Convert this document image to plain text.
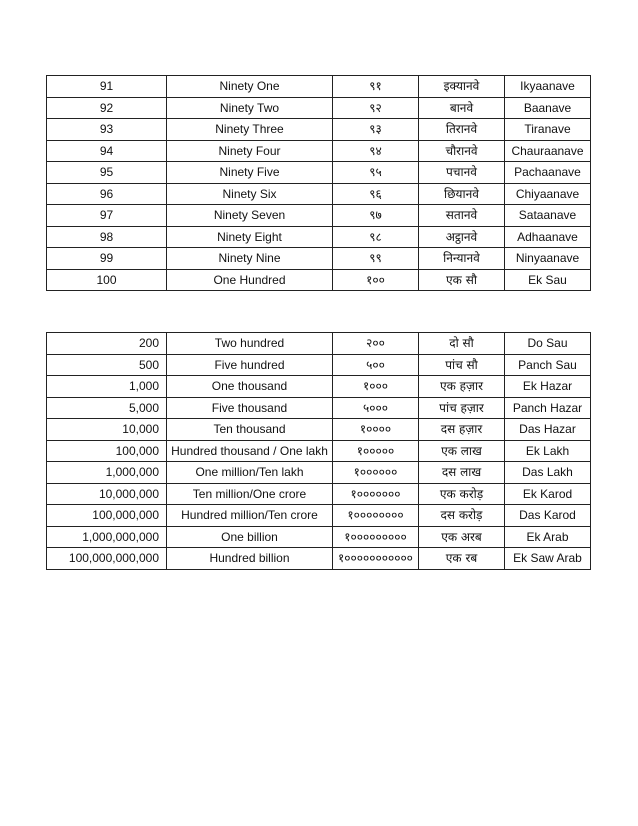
91	Ninety One	९१	इक्यानवे	Ikyaanave
92	Ninety Two	९२	बानवे	Baanave
93	Ninety Three	९३	तिरानवे	Tiranave
94	Ninety Four	९४	चौरानवे	Chauraanave
95	Ninety Five	९५	पचानवे	Pachaanave
96	Ninety Six	९६	छियानवे	Chiyaanave
97	Ninety Seven	९७	सतानवे	Sataanave
98	Ninety Eight	९८	अट्ठानवे	Adhaanave
99	Ninety Nine	९९	निन्यानवे	Ninyaanave
100	One Hundred	१००	एक सौ	Ek Sau
200	Two hundred	२००	दो सौ	Do Sau
500	Five hundred	५००	पांच सौ	Panch Sau
1,000	One thousand	१०००	एक हज़ार	Ek Hazar
5,000	Five thousand	५०००	पांच हज़ार	Panch Hazar
10,000	Ten thousand	१००००	दस हज़ार	Das Hazar
100,000	Hundred thousand / One lakh	१०००००	एक लाख	Ek Lakh
1,000,000	One million/Ten lakh	१००००००	दस लाख	Das Lakh
10,000,000	Ten million/One crore	१०००००००	एक करोड़	Ek Karod
100,000,000	Hundred million/Ten crore	१००००००००	दस करोड़	Das Karod
1,000,000,000	One billion	१०००००००००	एक अरब	Ek Arab
100,000,000,000	Hundred billion	१०००००००००००	एक रब	Ek Saw Arab
